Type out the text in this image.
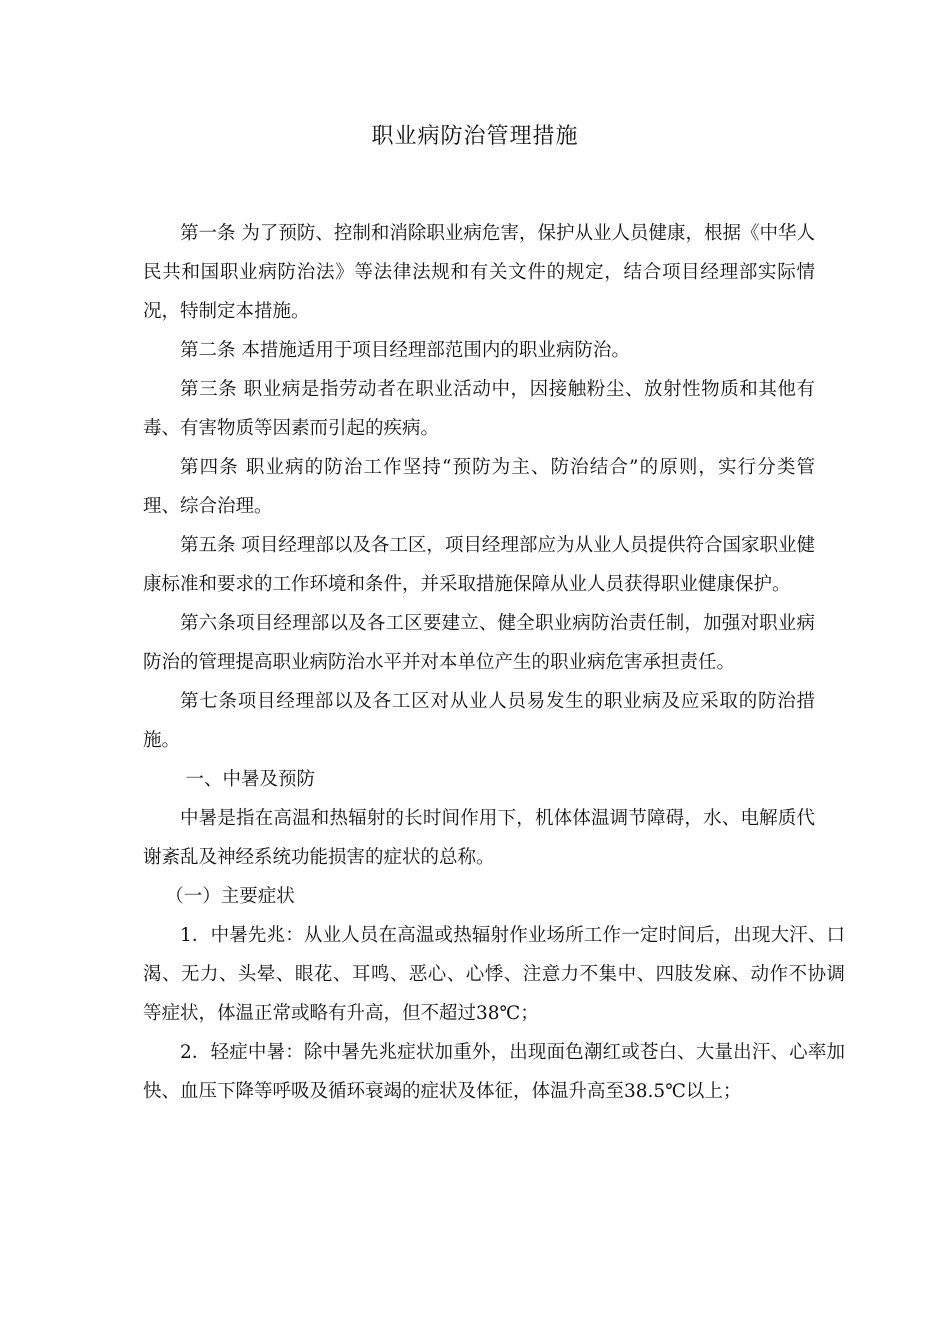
职业病防治管理措施

第一条 为了预防、控制和消除职业病危害，保护从业人员健康，根据《中华人民共和国职业病防治法》等法律法规和有关文件的规定，结合项目经理部实际情况，特制定本措施。

第二条 本措施适用于项目经理部范围内的职业病防治。

第三条 职业病是指劳动者在职业活动中，因接触粉尘、放射性物质和其他有毒、有害物质等因素而引起的疾病。

第四条 职业病的防治工作坚持“预防为主、防治结合”的原则，实行分类管理、综合治理。

第五条 项目经理部以及各工区，项目经理部应为从业人员提供符合国家职业健康标准和要求的工作环境和条件，并采取措施保障从业人员获得职业健康保护。

第六条项目经理部以及各工区要建立、健全职业病防治责任制，加强对职业病防治的管理提高职业病防治水平并对本单位产生的职业病危害承担责任。

第七条项目经理部以及各工区对从业人员易发生的职业病及应采取的防治措施。

一、中暑及预防

中暑是指在高温和热辐射的长时间作用下，机体体温调节障碍，水、电解质代谢紊乱及神经系统功能损害的症状的总称。

（一）主要症状

1．中暑先兆：从业人员在高温或热辐射作业场所工作一定时间后，出现大汗、口渴、无力、头晕、眼花、耳鸣、恶心、心悸、注意力不集中、四肢发麻、动作不协调等症状，体温正常或略有升高，但不超过38℃；

2．轻症中暑：除中暑先兆症状加重外，出现面色潮红或苍白、大量出汗、心率加快、血压下降等呼吸及循环衰竭的症状及体征，体温升高至38.5℃以上；
